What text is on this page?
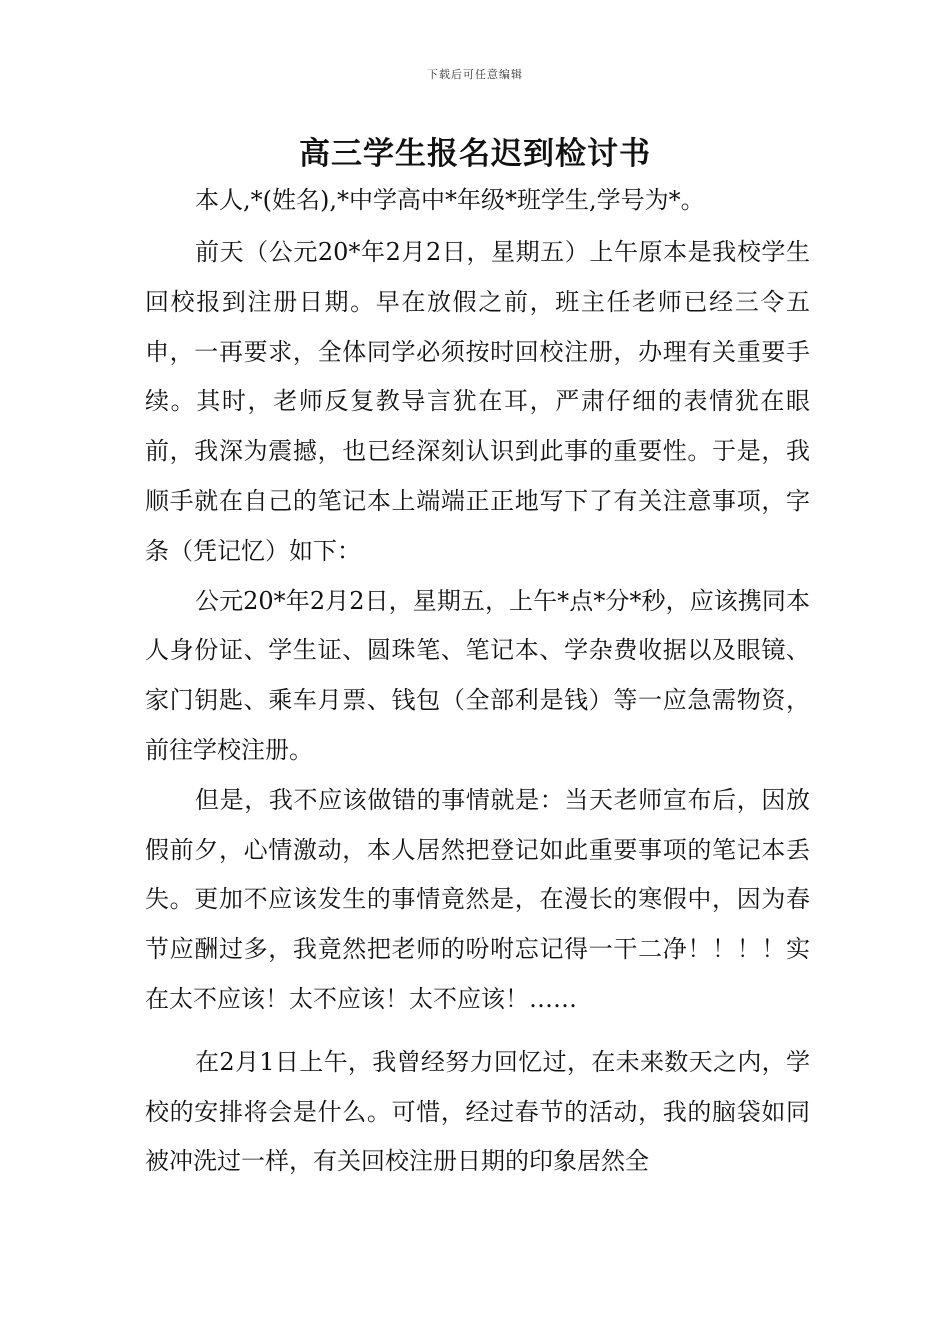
下载后可任意编辑
高三学生报名迟到检讨书

本人,*(姓名),*中学高中*年级*班学生,学号为*。

前天（公元20*年2月2日，星期五）上午原本是我校学生回校报到注册日期。早在放假之前，班主任老师已经三令五申，一再要求，全体同学必须按时回校注册，办理有关重要手续。其时，老师反复教导言犹在耳，严肃仔细的表情犹在眼前，我深为震撼，也已经深刻认识到此事的重要性。于是，我顺手就在自己的笔记本上端端正正地写下了有关注意事项，字条（凭记忆）如下：

公元20*年2月2日，星期五，上午*点*分*秒，应该携同本人身份证、学生证、圆珠笔、笔记本、学杂费收据以及眼镜、家门钥匙、乘车月票、钱包（全部利是钱）等一应急需物资，前往学校注册。

但是，我不应该做错的事情就是：当天老师宣布后，因放假前夕，心情激动，本人居然把登记如此重要事项的笔记本丢失。更加不应该发生的事情竟然是，在漫长的寒假中，因为春节应酬过多，我竟然把老师的吩咐忘记得一干二净！！！！实在太不应该！太不应该！太不应该！……

在2月1日上午，我曾经努力回忆过，在未来数天之内，学校的安排将会是什么。可惜，经过春节的活动，我的脑袋如同被冲洗过一样，有关回校注册日期的印象居然全
